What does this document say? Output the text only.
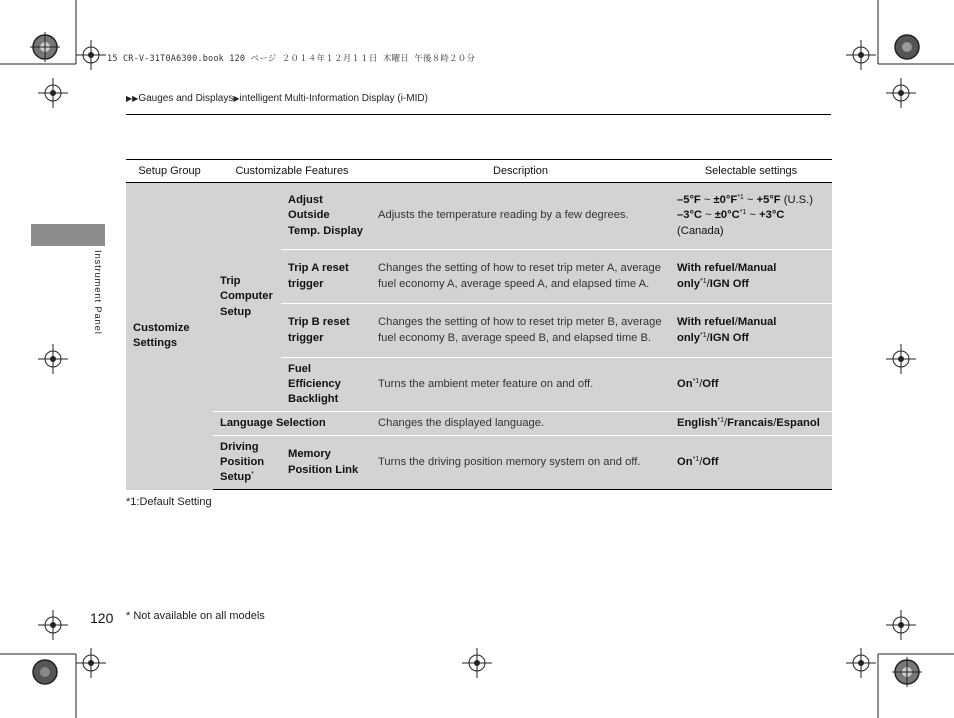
15 CR-V-31T0A6300.book 120 ページ ２０１４年１２月１１日 木曜日 午後８時２０分
▶▶Gauges and Displays▶intelligent Multi-Information Display (i-MID)
Instrument Panel
Setup Group	Customizable Features		Description	Selectable settings
Customize Settings	Trip Computer Setup	Adjust Outside Temp. Display	Adjusts the temperature reading by a few degrees.	–5°F ~ $\pm 0^\circ F^{*1}$ ~ +5°F (U.S.)
–3°C ~ $\pm 0^\circ C^{*1}$ ~ +3°C
(Canada)
		Trip A reset trigger	Changes the setting of how to reset trip meter A, average fuel economy A, average speed A, and elapsed time A.	With refuel/Manual only$^{*1}$/IGN Off
		Trip B reset trigger	Changes the setting of how to reset trip meter B, average fuel economy B, average speed B, and elapsed time B.	With refuel/Manual only$^{*1}$/IGN Off
		Fuel Efficiency Backlight	Turns the ambient meter feature on and off.	On$^{*1}$/Off
	Language Selection		Changes the displayed language.	English$^{*1}$/Francais/Espanol
	Driving Position Setup*	Memory Position Link	Turns the driving position memory system on and off.	On$^{*1}$/Off
*1:Default Setting
120 * Not available on all models
